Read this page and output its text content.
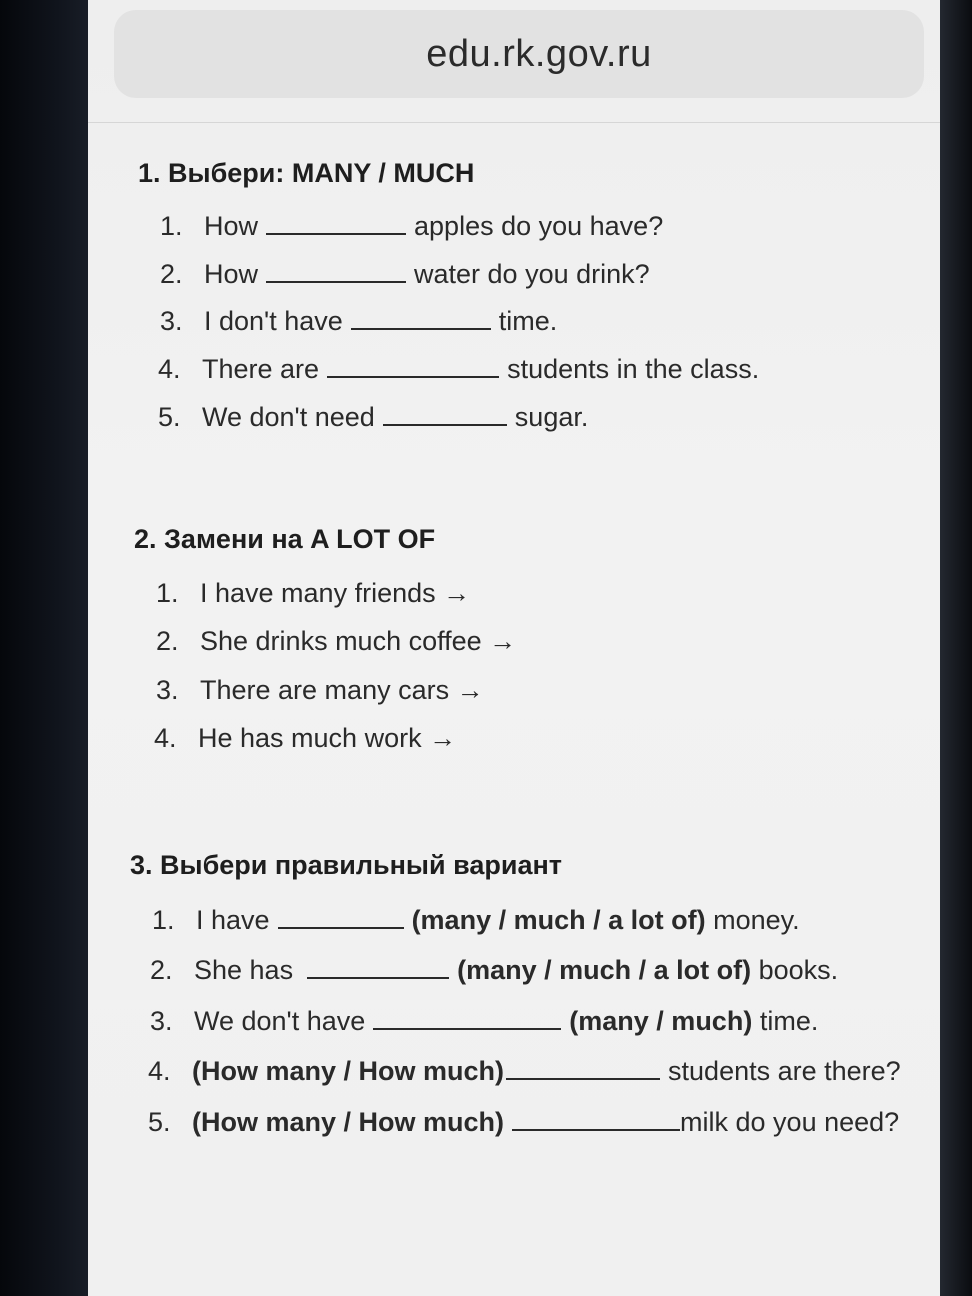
edu.rk.gov.ru
1. Выбери: MANY / MUCH
1. How	apples do you have?
2. How	water do you drink?
3. I don't have	time.
4. There are	students in the class.
5. We don't need	sugar.
2. Замени на A LOT OF
1. I have many friends →
2. She drinks much coffee →
3. There are many cars →
4. He has much work →
3. Выбери правильный вариант
1. I have	(many / much / a lot of) money.
2. She has	(many / much / a lot of) books.
3. We don't have	(many / much) time.
4. (How many / How much)	students are there?
5. (How many / How much)	milk do you need?
